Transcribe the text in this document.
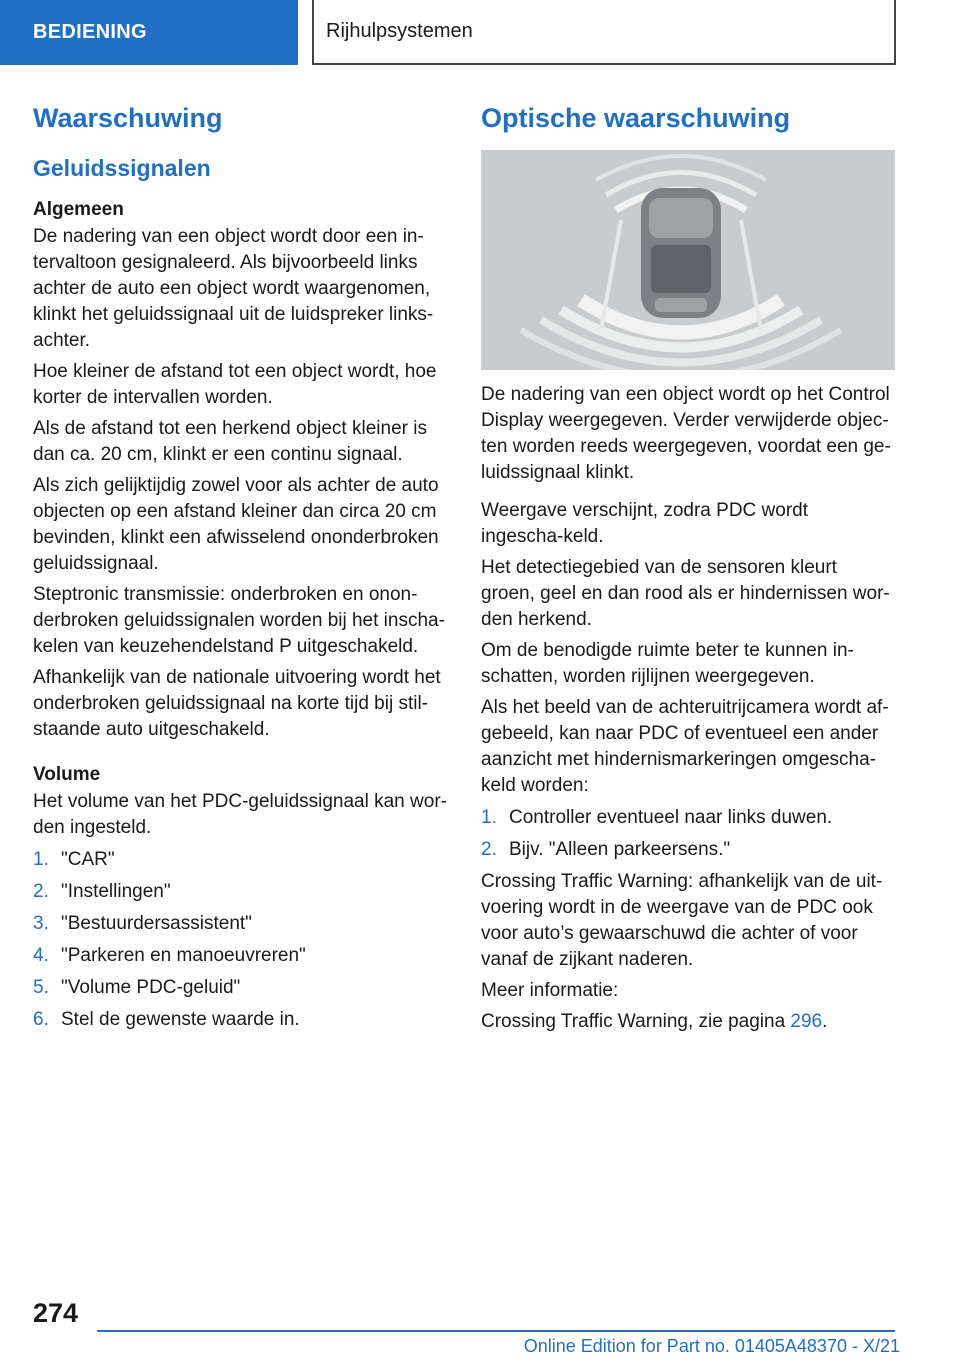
BEDIENING	Rijhulpsystemen
Waarschuwing
Geluidssignalen
Algemeen

De nadering van een object wordt door een in-tervaltoon gesignaleerd. Als bijvoorbeeld links achter de auto een object wordt waargenomen, klinkt het geluidssignaal uit de luidspreker links-achter.

Hoe kleiner de afstand tot een object wordt, hoe korter de intervallen worden.

Als de afstand tot een herkend object kleiner is dan ca. 20 cm, klinkt er een continu signaal.

Als zich gelijktijdig zowel voor als achter de auto objecten op een afstand kleiner dan circa 20 cm bevinden, klinkt een afwisselend ononderbroken geluidssignaal.

Steptronic transmissie: onderbroken en onon-derbroken geluidssignalen worden bij het inscha-kelen van keuzehendelstand P uitgeschakeld.

Afhankelijk van de nationale uitvoering wordt het onderbroken geluidssignaal na korte tijd bij stil-staande auto uitgeschakeld.

Volume

Het volume van het PDC-geluidssignaal kan wor-den ingesteld.

1. "CAR"
2. "Instellingen"
3. "Bestuurdersassistent"
4. "Parkeren en manoeuvreren"
5. "Volume PDC-geluid"
6. Stel de gewenste waarde in.
Optische waarschuwing

De nadering van een object wordt op het Control Display weergegeven. Verder verwijderde objec-ten worden reeds weergegeven, voordat een ge-luidssignaal klinkt.

Weergave verschijnt, zodra PDC wordt ingescha-keld.

Het detectiegebied van de sensoren kleurt groen, geel en dan rood als er hindernissen wor-den herkend.

Om de benodigde ruimte beter te kunnen in-schatten, worden rijlijnen weergegeven.

Als het beeld van de achteruitrijcamera wordt af-gebeeld, kan naar PDC of eventueel een ander aanzicht met hindernismarkeringen omgescha-keld worden:

1. Controller eventueel naar links duwen.
2. Bijv. "Alleen parkeersens."

Crossing Traffic Warning: afhankelijk van de uit-voering wordt in de weergave van de PDC ook voor auto’s gewaarschuwd die achter of voor vanaf de zijkant naderen.

Meer informatie:

Crossing Traffic Warning, zie pagina 296.

274
Online Edition for Part no. 01405A48370 - X/21
